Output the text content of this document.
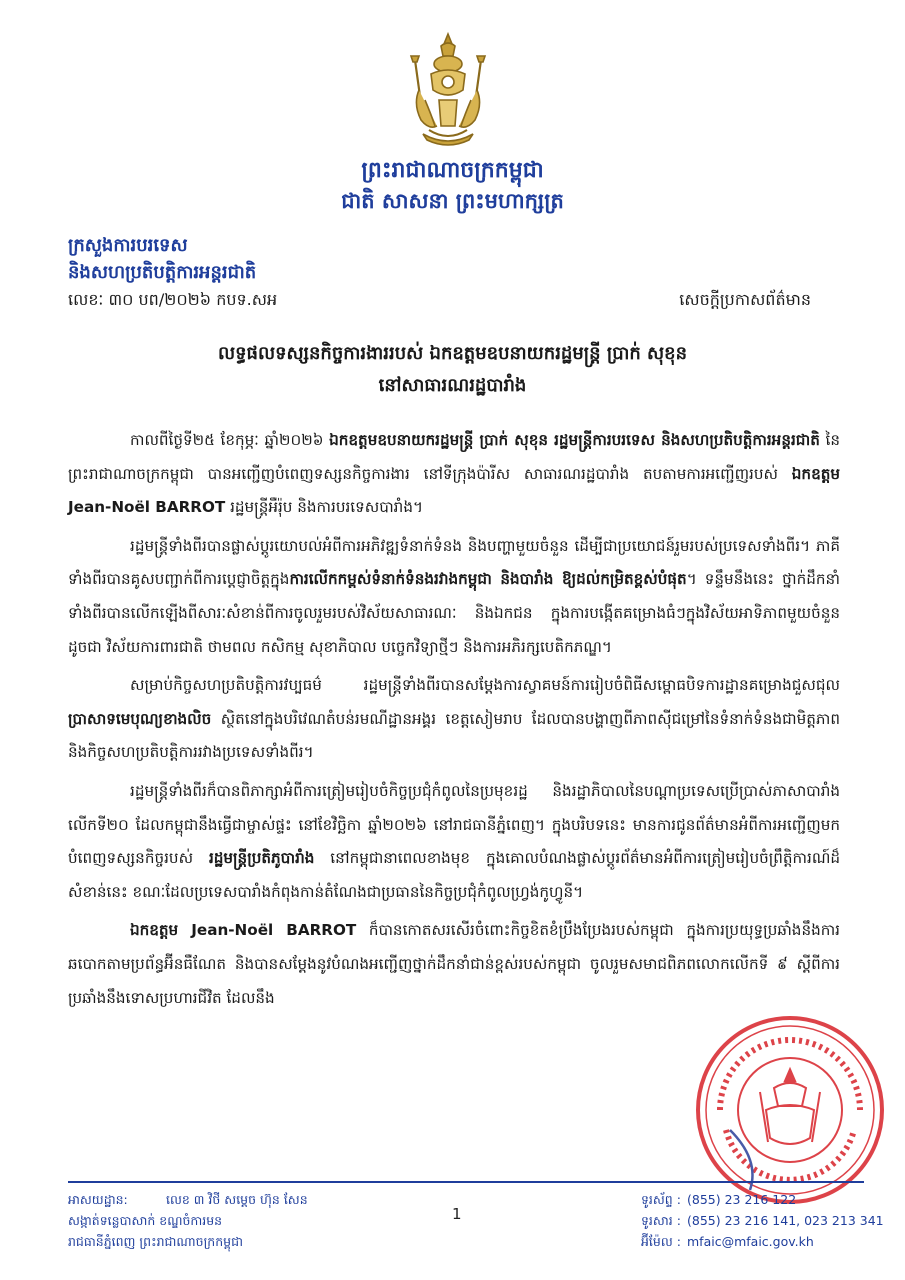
ព្រះរាជាណាចក្រកម្ពុជា
ជាតិ សាសនា ព្រះមហាក្សត្រ
ក្រសួងការបរទេស
និងសហប្រតិបត្តិការអន្តរជាតិ
លេខៈ ៣០ បព/២០២៦ កបទ.សអ	សេចក្តីប្រកាសព័ត៌មាន
លទ្ធផលទស្សនកិច្ចការងាររបស់ ឯកឧត្តមឧបនាយករដ្ឋមន្ត្រី ប្រាក់ សុខុន
នៅសាធារណរដ្ឋបារាំង

កាលពីថ្ងៃទី២៥ ខែកុម្ភៈ ឆ្នាំ២០២៦ ឯកឧត្តមឧបនាយករដ្ឋមន្ត្រី ប្រាក់ សុខុន រដ្ឋមន្ត្រីការបរទេស និងសហប្រតិបត្តិការអន្តរជាតិ នៃព្រះរាជាណាចក្រកម្ពុជា បានអញ្ជើញបំពេញទស្សនកិច្ចការងារ នៅទីក្រុងប៉ារីស សាធារណរដ្ឋបារាំង តបតាមការអញ្ជើញរបស់ ឯកឧត្តម Jean-Noël BARROT រដ្ឋមន្ត្រីអឺរ៉ុប និងការបរទេសបារាំង។

រដ្ឋមន្ត្រីទាំងពីរបានផ្លាស់ប្តូរយោបល់អំពីការអភិវឌ្ឍទំនាក់ទំនង និងបញ្ហាមួយចំនួន ដើម្បីជាប្រយោជន៍រួមរបស់ប្រទេសទាំងពីរ។ ភាគីទាំងពីរបានគូសបញ្ជាក់ពីការប្តេជ្ញាចិត្តក្នុងការលើកកម្ពស់ទំនាក់ទំនងរវាងកម្ពុជា និងបារាំង ឱ្យដល់កម្រិតខ្ពស់បំផុត។ ទន្ទឹមនឹងនេះ ថ្នាក់ដឹកនាំទាំងពីរបានលើកឡើងពីសារៈសំខាន់ពីការចូលរួមរបស់វិស័យសាធារណៈ និងឯកជន ក្នុងការបង្កើតគម្រោងធំៗក្នុងវិស័យអាទិភាពមួយចំនួន ដូចជា វិស័យការពារជាតិ ថាមពល កសិកម្ម សុខាភិបាល បច្ចេកវិទ្យាថ្មីៗ និងការអភិរក្សបេតិកភណ្ឌ។

សម្រាប់កិច្ចសហប្រតិបត្តិការវប្បធម៌ រដ្ឋមន្ត្រីទាំងពីរបានសម្តែងការស្វាគមន៍ការរៀបចំពិធីសម្ពោធបិទការដ្ឋានគម្រោងជួសជុលប្រាសាទមេបុណ្យខាងលិច ស្ថិតនៅក្នុងបរិវេណតំបន់រមណីដ្ឋានអង្គរ ខេត្តសៀមរាប ដែលបានបង្ហាញពីភាពស៊ីជម្រៅនៃទំនាក់ទំនងជាមិត្តភាព និងកិច្ចសហប្រតិបត្តិការរវាងប្រទេសទាំងពីរ។

រដ្ឋមន្ត្រីទាំងពីរក៏បានពិភាក្សាអំពីការត្រៀមរៀបចំកិច្ចប្រជុំកំពូលនៃប្រមុខរដ្ឋ និងរដ្ឋាភិបាលនៃបណ្តាប្រទេសប្រើប្រាស់ភាសាបារាំង លើកទី២០ ដែលកម្ពុជានឹងធ្វើជាម្ចាស់ផ្ទះ នៅខែវិច្ឆិកា ឆ្នាំ២០២៦ នៅរាជធានីភ្នំពេញ។ ក្នុងបរិបទនេះ មានការជូនព័ត៌មានអំពីការអញ្ជើញមកបំពេញទស្សនកិច្ចរបស់ រដ្ឋមន្ត្រីប្រតិភូបារាំង នៅកម្ពុជានាពេលខាងមុខ ក្នុងគោលបំណងផ្លាស់ប្តូរព័ត៌មានអំពីការត្រៀមរៀបចំព្រឹត្តិការណ៍ដ៏សំខាន់នេះ ខណៈដែលប្រទេសបារាំងកំពុងកាន់តំណែងជាប្រធាននៃកិច្ចប្រជុំកំពូលហ្វ្រង់កូហ្វូនី។

ឯកឧត្តម Jean-Noël BARROT ក៏បានកោតសរសើរចំពោះកិច្ចខិតខំប្រឹងប្រែងរបស់កម្ពុជា ក្នុងការប្រយុទ្ធប្រឆាំងនឹងការឆបោកតាមប្រព័ន្ធអ៊ីនធឺណែត និងបានសម្តែងនូវបំណងអញ្ជើញថ្នាក់ដឹកនាំជាន់ខ្ពស់របស់កម្ពុជា ចូលរួមសមាជពិភពលោកលើកទី ៩ ស្តីពីការប្រឆាំងនឹងទោសប្រហារជីវិត ដែលនឹង

អាសយដ្ឋាន:	លេខ ៣ វិថី សម្តេច ហ៊ុន សែន
សង្កាត់ទន្លេបាសាក់ ខណ្ឌចំការមន
រាជធានីភ្នំពេញ ព្រះរាជាណាចក្រកម្ពុជា
1
ទូរស័ព្ទ : (855) 23 216 122
ទូរសារ : (855) 23 216 141, 023 213 341
អ៊ីម៉ែល : mfaic@mfaic.gov.kh
